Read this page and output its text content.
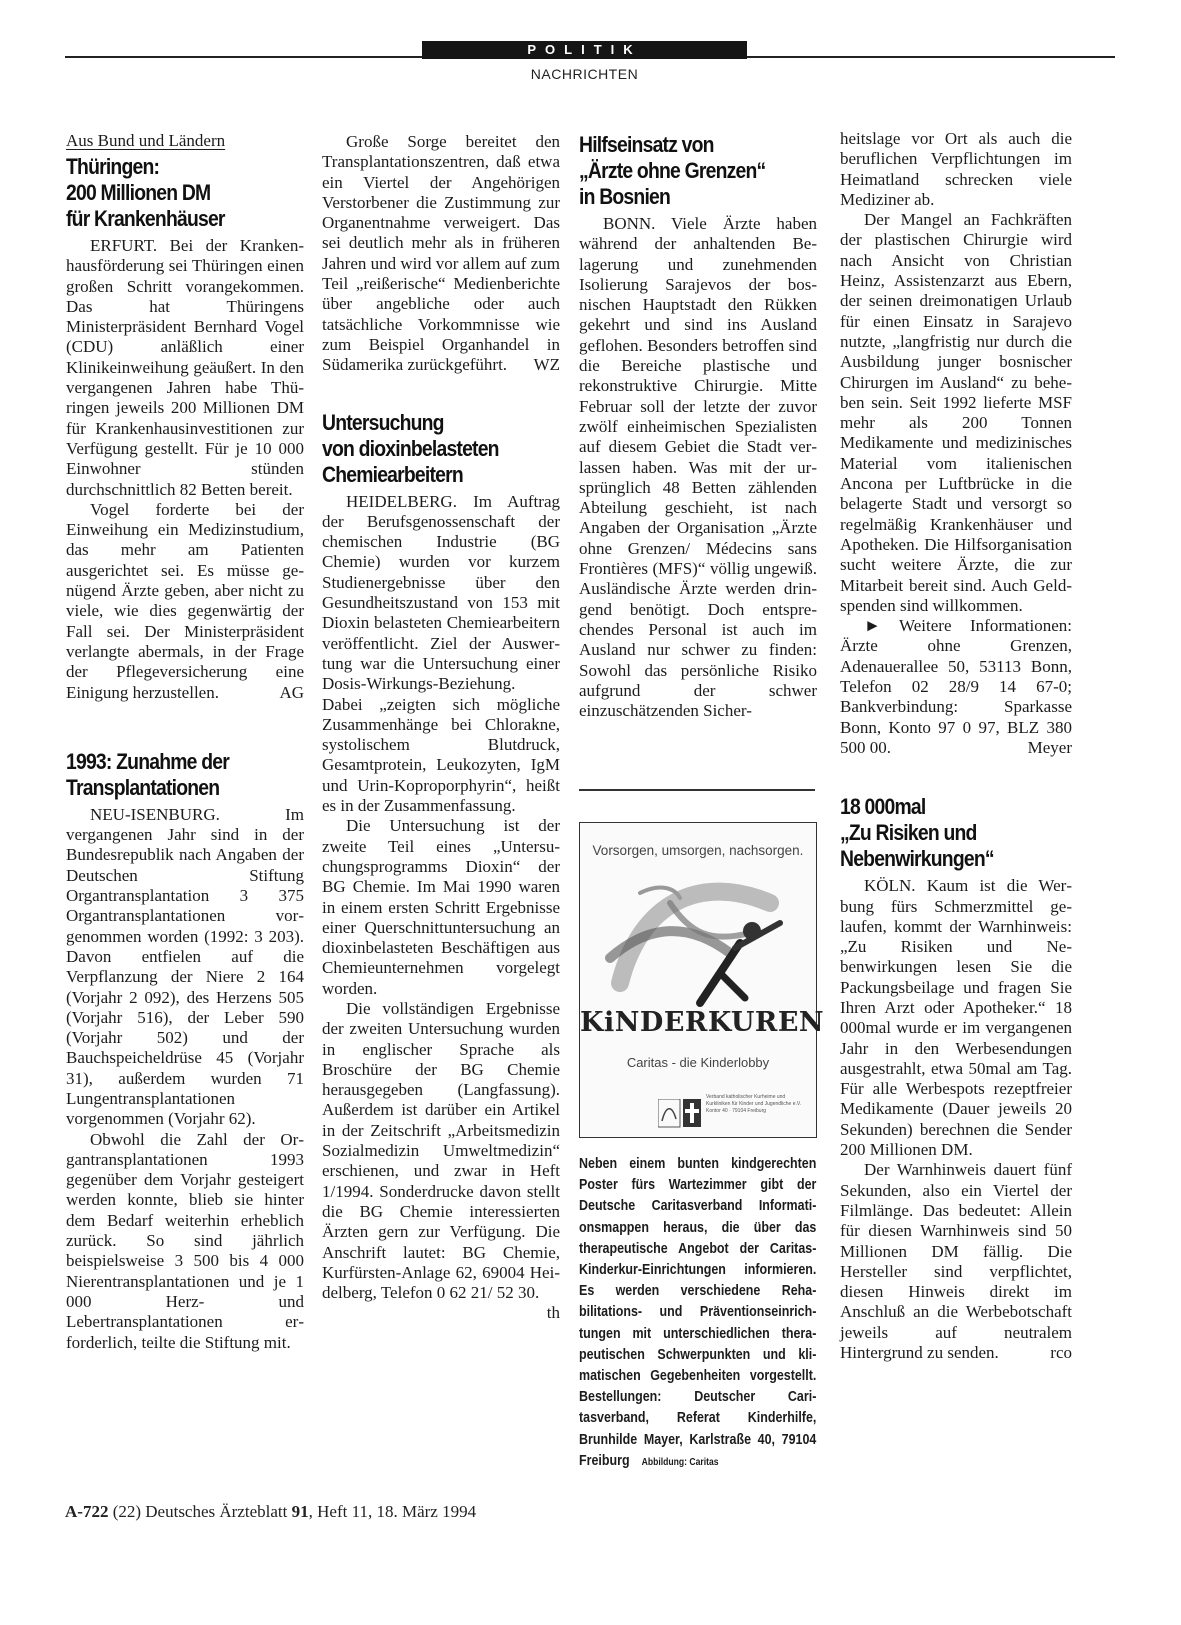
POLITIK
NACHRICHTEN
Aus Bund und Ländern
Thüringen:
200 Millionen DM
für Krankenhäuser

ERFURT. Bei der Krankenhausförderung sei Thüringen einen großen Schritt vorangekommen. Das hat Thüringens Ministerpräsident Bernhard Vogel (CDU) anläßlich einer Klinikeinweihung geäußert. In den vergangenen Jahren habe Thüringen jeweils 200 Millionen DM für Krankenhausinvestitionen zur Verfügung gestellt. Für je 10 000 Einwohner stünden durchschnittlich 82 Betten bereit.

Vogel forderte bei der Einweihung ein Medizinstudium, das mehr am Patienten ausgerichtet sei. Es müsse genügend Ärzte geben, aber nicht zu viele, wie dies gegenwärtig der Fall sei. Der Ministerpräsident verlangte abermals, in der Frage der Pflegeversicherung eine Einigung herzustellen.	AG

1993: Zunahme der
Transplantationen

NEU-ISENBURG. Im vergangenen Jahr sind in der Bundesrepublik nach Angaben der Deutschen Stiftung Organtransplantation 3 375 Organtransplantationen vorgenommen worden (1992: 3 203). Davon entfielen auf die Verpflanzung der Niere 2 164 (Vorjahr 2 092), des Herzens 505 (Vorjahr 516), der Leber 590 (Vorjahr 502) und der Bauchspeicheldrüse 45 (Vorjahr 31), außerdem wurden 71 Lungentransplantationen vorgenommen (Vorjahr 62).

Obwohl die Zahl der Organtransplantationen 1993 gegenüber dem Vorjahr gesteigert werden konnte, blieb sie hinter dem Bedarf weiterhin erheblich zurück. So sind jährlich beispielsweise 3 500 bis 4 000 Nierentransplantationen und je 1 000 Herz- und Lebertransplantationen erforderlich, teilte die Stiftung mit.

Große Sorge bereitet den Transplantationszentren, daß etwa ein Viertel der Angehörigen Verstorbener die Zustimmung zur Organentnahme verweigert. Das sei deutlich mehr als in früheren Jahren und wird vor allem auf zum Teil „reißerische“ Medienberichte über angebliche oder auch tatsächliche Vorkommnisse wie zum Beispiel Organhandel in Südamerika zurückgeführt.	WZ

Untersuchung
von dioxinbelasteten
Chemiearbeitern

HEIDELBERG. Im Auftrag der Berufsgenossenschaft der chemischen Industrie (BG Chemie) wurden vor kurzem Studienergebnisse über den Gesundheitszustand von 153 mit Dioxin belasteten Chemiearbeitern veröffentlicht. Ziel der Auswertung war die Untersuchung einer Dosis-Wirkungs-Beziehung. Dabei „zeigten sich mögliche Zusammenhänge bei Chlorakne, systolischem Blutdruck, Gesamtprotein, Leukozyten, IgM und Urin-Koproporphyrin“, heißt es in der Zusammenfassung.

Die Untersuchung ist der zweite Teil eines „Untersuchungsprogramms Dioxin“ der BG Chemie. Im Mai 1990 waren in einem ersten Schritt Ergebnisse einer Querschnittuntersuchung an dioxinbelasteten Beschäftigen aus Chemieunternehmen vorgelegt worden.

Die vollständigen Ergebnisse der zweiten Untersuchung wurden in englischer Sprache als Broschüre der BG Chemie herausgegeben (Langfassung). Außerdem ist darüber ein Artikel in der Zeitschrift „Arbeitsmedizin Sozialmedizin Umweltmedizin“ erschienen, und zwar in Heft 1/1994. Sonderdrucke davon stellt die BG Chemie interessierten Ärzten gern zur Verfügung. Die Anschrift lautet: BG Chemie, Kurfürsten-Anlage 62, 69004 Heidelberg, Telefon 0 62 21/ 52 30.
th

Hilfseinsatz von
„Ärzte ohne Grenzen“
in Bosnien

BONN. Viele Ärzte haben während der anhaltenden Belagerung und zunehmenden Isolierung Sarajevos der bosnischen Hauptstadt den Rükken gekehrt und sind ins Ausland geflohen. Besonders betroffen sind die Bereiche plastische und rekonstruktive Chirurgie. Mitte Februar soll der letzte der zuvor zwölf einheimischen Spezialisten auf diesem Gebiet die Stadt verlassen haben. Was mit der ursprünglich 48 Betten zählenden Abteilung geschieht, ist nach Angaben der Organisation „Ärzte ohne Grenzen/ Médecins sans Frontières (MFS)“ völlig ungewiß. Ausländische Ärzte werden dringend benötigt. Doch entsprechendes Personal ist auch im Ausland nur schwer zu finden: Sowohl das persönliche Risiko aufgrund der schwer einzuschätzenden Sicher-

Vorsorgen, umsorgen, nachsorgen.
KiNDERKUREN
Caritas - die Kinderlobby
Verband katholischer Kurheime und Kurkliniken für Kinder und Jugendliche e.V. Kontor 40 · 79104 Freiburg
Neben einem bunten kindgerechten Poster fürs Wartezimmer gibt der Deutsche Caritasverband Informationsmappen heraus, die über das therapeutische Angebot der Caritas-Kinderkur-Einrichtungen informieren. Es werden verschiedene Rehabilitations- und Präventionseinrichtungen mit unterschiedlichen therapeutischen Schwerpunkten und klimatischen Gegebenheiten vorgestellt. Bestellungen: Deutscher Caritasverband, Referat Kinderhilfe, Brunhilde Mayer, Karlstraße 40, 79104 Freiburg Abbildung: Caritas

heitslage vor Ort als auch die beruflichen Verpflichtungen im Heimatland schrecken viele Mediziner ab.

Der Mangel an Fachkräften der plastischen Chirurgie wird nach Ansicht von Christian Heinz, Assistenzarzt aus Ebern, der seinen dreimonatigen Urlaub für einen Einsatz in Sarajevo nutzte, „langfristig nur durch die Ausbildung junger bosnischer Chirurgen im Ausland“ zu beheben sein. Seit 1992 lieferte MSF mehr als 200 Tonnen Medikamente und medizinisches Material vom italienischen Ancona per Luftbrücke in die belagerte Stadt und versorgt so regelmäßig Krankenhäuser und Apotheken. Die Hilfsorganisation sucht weitere Ärzte, die zur Mitarbeit bereit sind. Auch Geldspenden sind willkommen.

► Weitere Informationen: Ärzte ohne Grenzen, Adenauerallee 50, 53113 Bonn, Telefon 02 28/9 14 67-0; Bankverbindung: Sparkasse Bonn, Konto 97 0 97, BLZ 380 500 00.	Meyer

18 000mal
„Zu Risiken und
Nebenwirkungen“

KÖLN. Kaum ist die Werbung fürs Schmerzmittel gelaufen, kommt der Warnhinweis: „Zu Risiken und Nebenwirkungen lesen Sie die Packungsbeilage und fragen Sie Ihren Arzt oder Apotheker.“ 18 000mal wurde er im vergangenen Jahr in den Werbesendungen ausgestrahlt, etwa 50mal am Tag. Für alle Werbespots rezeptfreier Medikamente (Dauer jeweils 20 Sekunden) berechnen die Sender 200 Millionen DM.

Der Warnhinweis dauert fünf Sekunden, also ein Viertel der Filmlänge. Das bedeutet: Allein für diesen Warnhinweis sind 50 Millionen DM fällig. Die Hersteller sind verpflichtet, diesen Hinweis direkt im Anschluß an die Werbebotschaft jeweils auf neutralem Hintergrund zu senden.	rco

A-722 (22) Deutsches Ärzteblatt 91, Heft 11, 18. März 1994
